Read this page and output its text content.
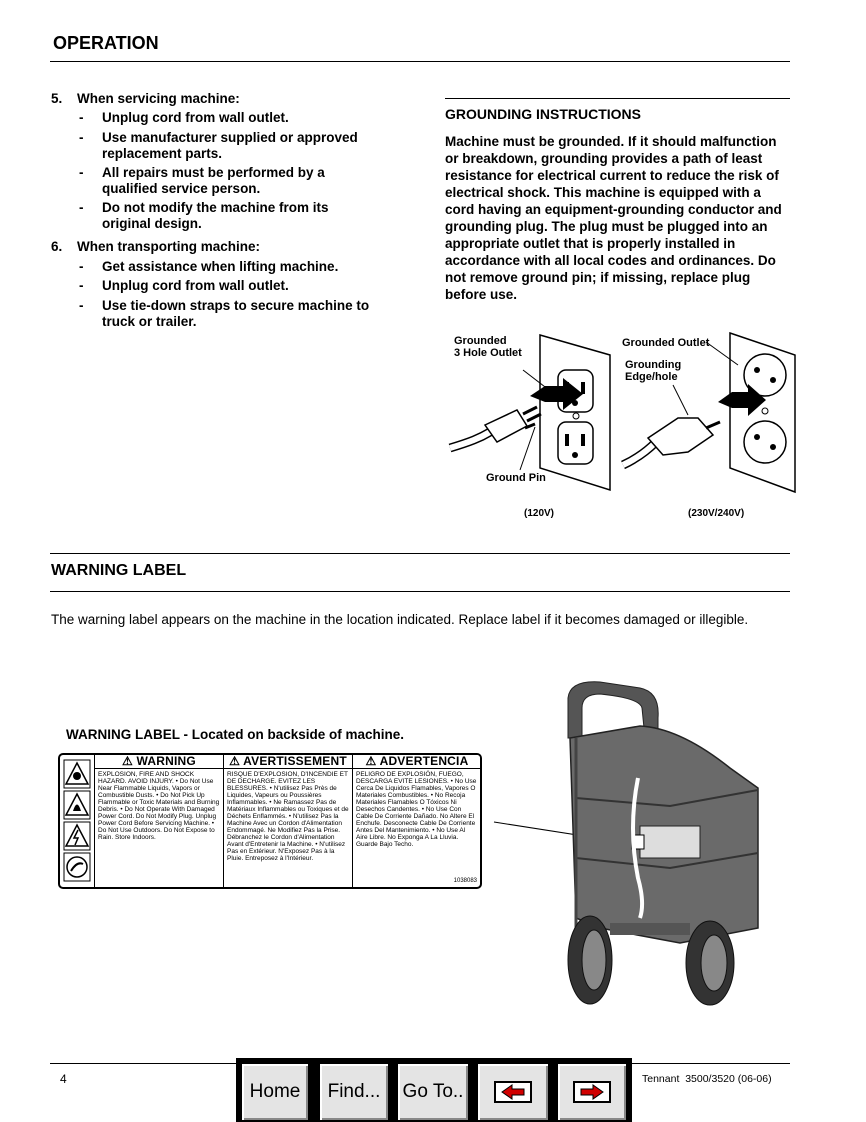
OPERATION
5. When servicing machine:
- Unplug cord from wall outlet.
- Use manufacturer supplied or approved replacement parts.
- All repairs must be performed by a qualified service person.
- Do not modify the machine from its original design.
6. When transporting machine:
- Get assistance when lifting machine.
- Unplug cord from wall outlet.
- Use tie-down straps to secure machine to truck or trailer.
GROUNDING INSTRUCTIONS
Machine must be grounded. If it should malfunction or breakdown, grounding provides a path of least resistance for electrical current to reduce the risk of electrical shock. This machine is equipped with a cord having an equipment-grounding conductor and grounding plug. The plug must be plugged into an appropriate outlet that is properly installed in accordance with all local codes and ordinances. Do not remove ground pin; if missing, replace plug before use.
Grounded
3 Hole Outlet
Ground Pin
(120V)
Grounded Outlet
Grounding
Edge/hole
(230V/240V)
WARNING LABEL
The warning label appears on the machine in the location indicated. Replace label if it becomes damaged or illegible.
WARNING LABEL - Located on backside of machine.
⚠ WARNING
EXPLOSION, FIRE AND SHOCK HAZARD. AVOID INJURY. • Do Not Use Near Flammable Liquids, Vapors or Combustible Dusts. • Do Not Pick Up Flammable or Toxic Materials and Burning Debris. • Do Not Operate With Damaged Power Cord. Do Not Modify Plug. Unplug Power Cord Before Servicing Machine. • Do Not Use Outdoors. Do Not Expose to Rain. Store Indoors.
⚠ AVERTISSEMENT
RISQUE D'EXPLOSION, D'INCENDIE ET DE DECHARGE. EVITEZ LES BLESSURES. • N'utilisez Pas Près de Liquides, Vapeurs ou Poussières Inflammables. • Ne Ramassez Pas de Matériaux Inflammables ou Toxiques et de Déchets Enflammés. • N'utilisez Pas la Machine Avec un Cordon d'Alimentation Endommagé. Ne Modifiez Pas la Prise. Débranchez le Cordon d'Alimentation Avant d'Entretenir la Machine. • N'utilisez Pas en Extérieur. N'Exposez Pas à la Pluie. Entreposez à l'Intérieur.
⚠ ADVERTENCIA
PELIGRO DE EXPLOSIÓN, FUEGO, DESCARGA EVITE LESIONES. • No Use Cerca De Liquidos Flamables, Vapores O Materiales Combustibles. • No Recoja Materiales Flamables O Tóxicos Ni Desechos Candentes. • No Use Con Cable De Corriente Dañado. No Altere El Enchufe. Desconecte Cable De Corriente Antes Del Mantenimiento. • No Use Al Aire Libre. No Exponga A La Lluvia. Guarde Bajo Techo.
1038083
4	Tennant  3500/3520 (06-06)
Home	Find...	Go To..
